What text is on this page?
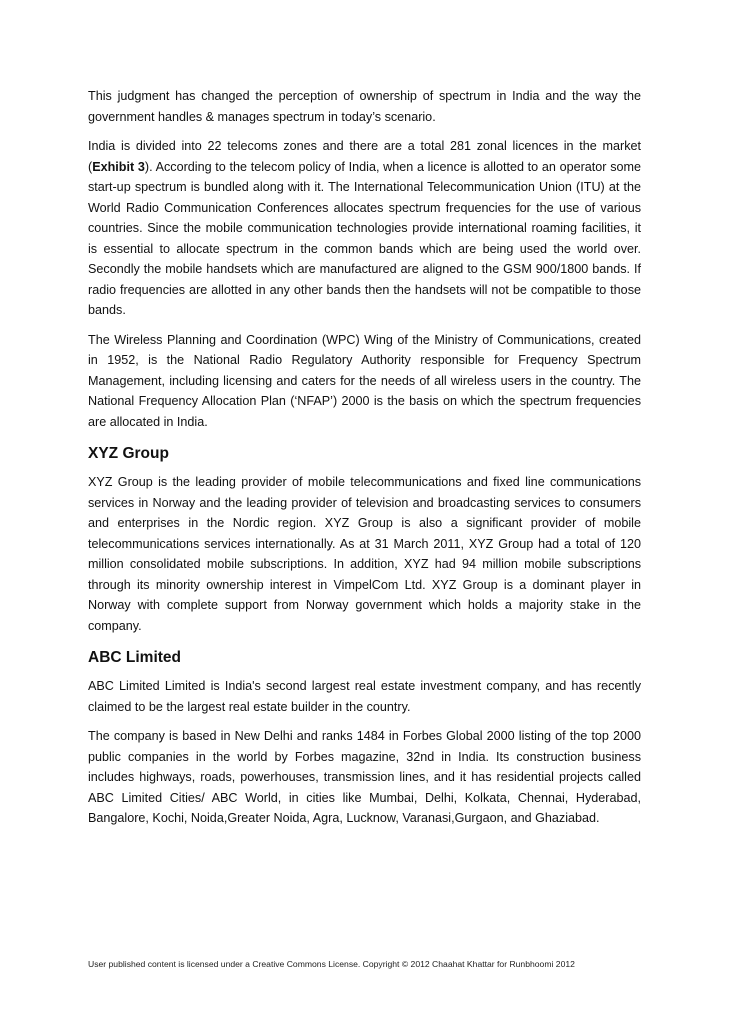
This judgment has changed the perception of ownership of spectrum in India and the way the government handles & manages spectrum in today’s scenario.

India is divided into 22 telecoms zones and there are a total 281 zonal licences in the market (Exhibit 3). According to the telecom policy of India, when a licence is allotted to an operator some start-up spectrum is bundled along with it. The International Telecommunication Union (ITU) at the World Radio Communication Conferences allocates spectrum frequencies for the use of various countries. Since the mobile communication technologies provide international roaming facilities, it is essential to allocate spectrum in the common bands which are being used the world over. Secondly the mobile handsets which are manufactured are aligned to the GSM 900/1800 bands. If radio frequencies are allotted in any other bands then the handsets will not be compatible to those bands.

The Wireless Planning and Coordination (WPC) Wing of the Ministry of Communications, created in 1952, is the National Radio Regulatory Authority responsible for Frequency Spectrum Management, including licensing and caters for the needs of all wireless users in the country. The National Frequency Allocation Plan (‘NFAP’) 2000 is the basis on which the spectrum frequencies are allocated in India.

XYZ Group

XYZ Group is the leading provider of mobile telecommunications and fixed line communications services in Norway and the leading provider of television and broadcasting services to consumers and enterprises in the Nordic region. XYZ Group is also a significant provider of mobile telecommunications services internationally. As at 31 March 2011, XYZ Group had a total of 120 million consolidated mobile subscriptions. In addition, XYZ had 94 million mobile subscriptions through its minority ownership interest in VimpelCom Ltd. XYZ Group is a dominant player in Norway with complete support from Norway government which holds a majority stake in the company.

ABC Limited

ABC Limited Limited is India's second largest real estate investment company, and has recently claimed to be the largest real estate builder in the country.

The company is based in New Delhi and ranks 1484 in Forbes Global 2000 listing of the top 2000 public companies in the world by Forbes magazine, 32nd in India. Its construction business includes highways, roads, powerhouses, transmission lines, and it has residential projects called ABC Limited Cities/ ABC World, in cities like Mumbai, Delhi, Kolkata, Chennai, Hyderabad, Bangalore, Kochi, Noida,Greater Noida, Agra, Lucknow, Varanasi,Gurgaon, and Ghaziabad.

User published content is licensed under a Creative Commons License. Copyright © 2012 Chaahat Khattar for Runbhoomi 2012
